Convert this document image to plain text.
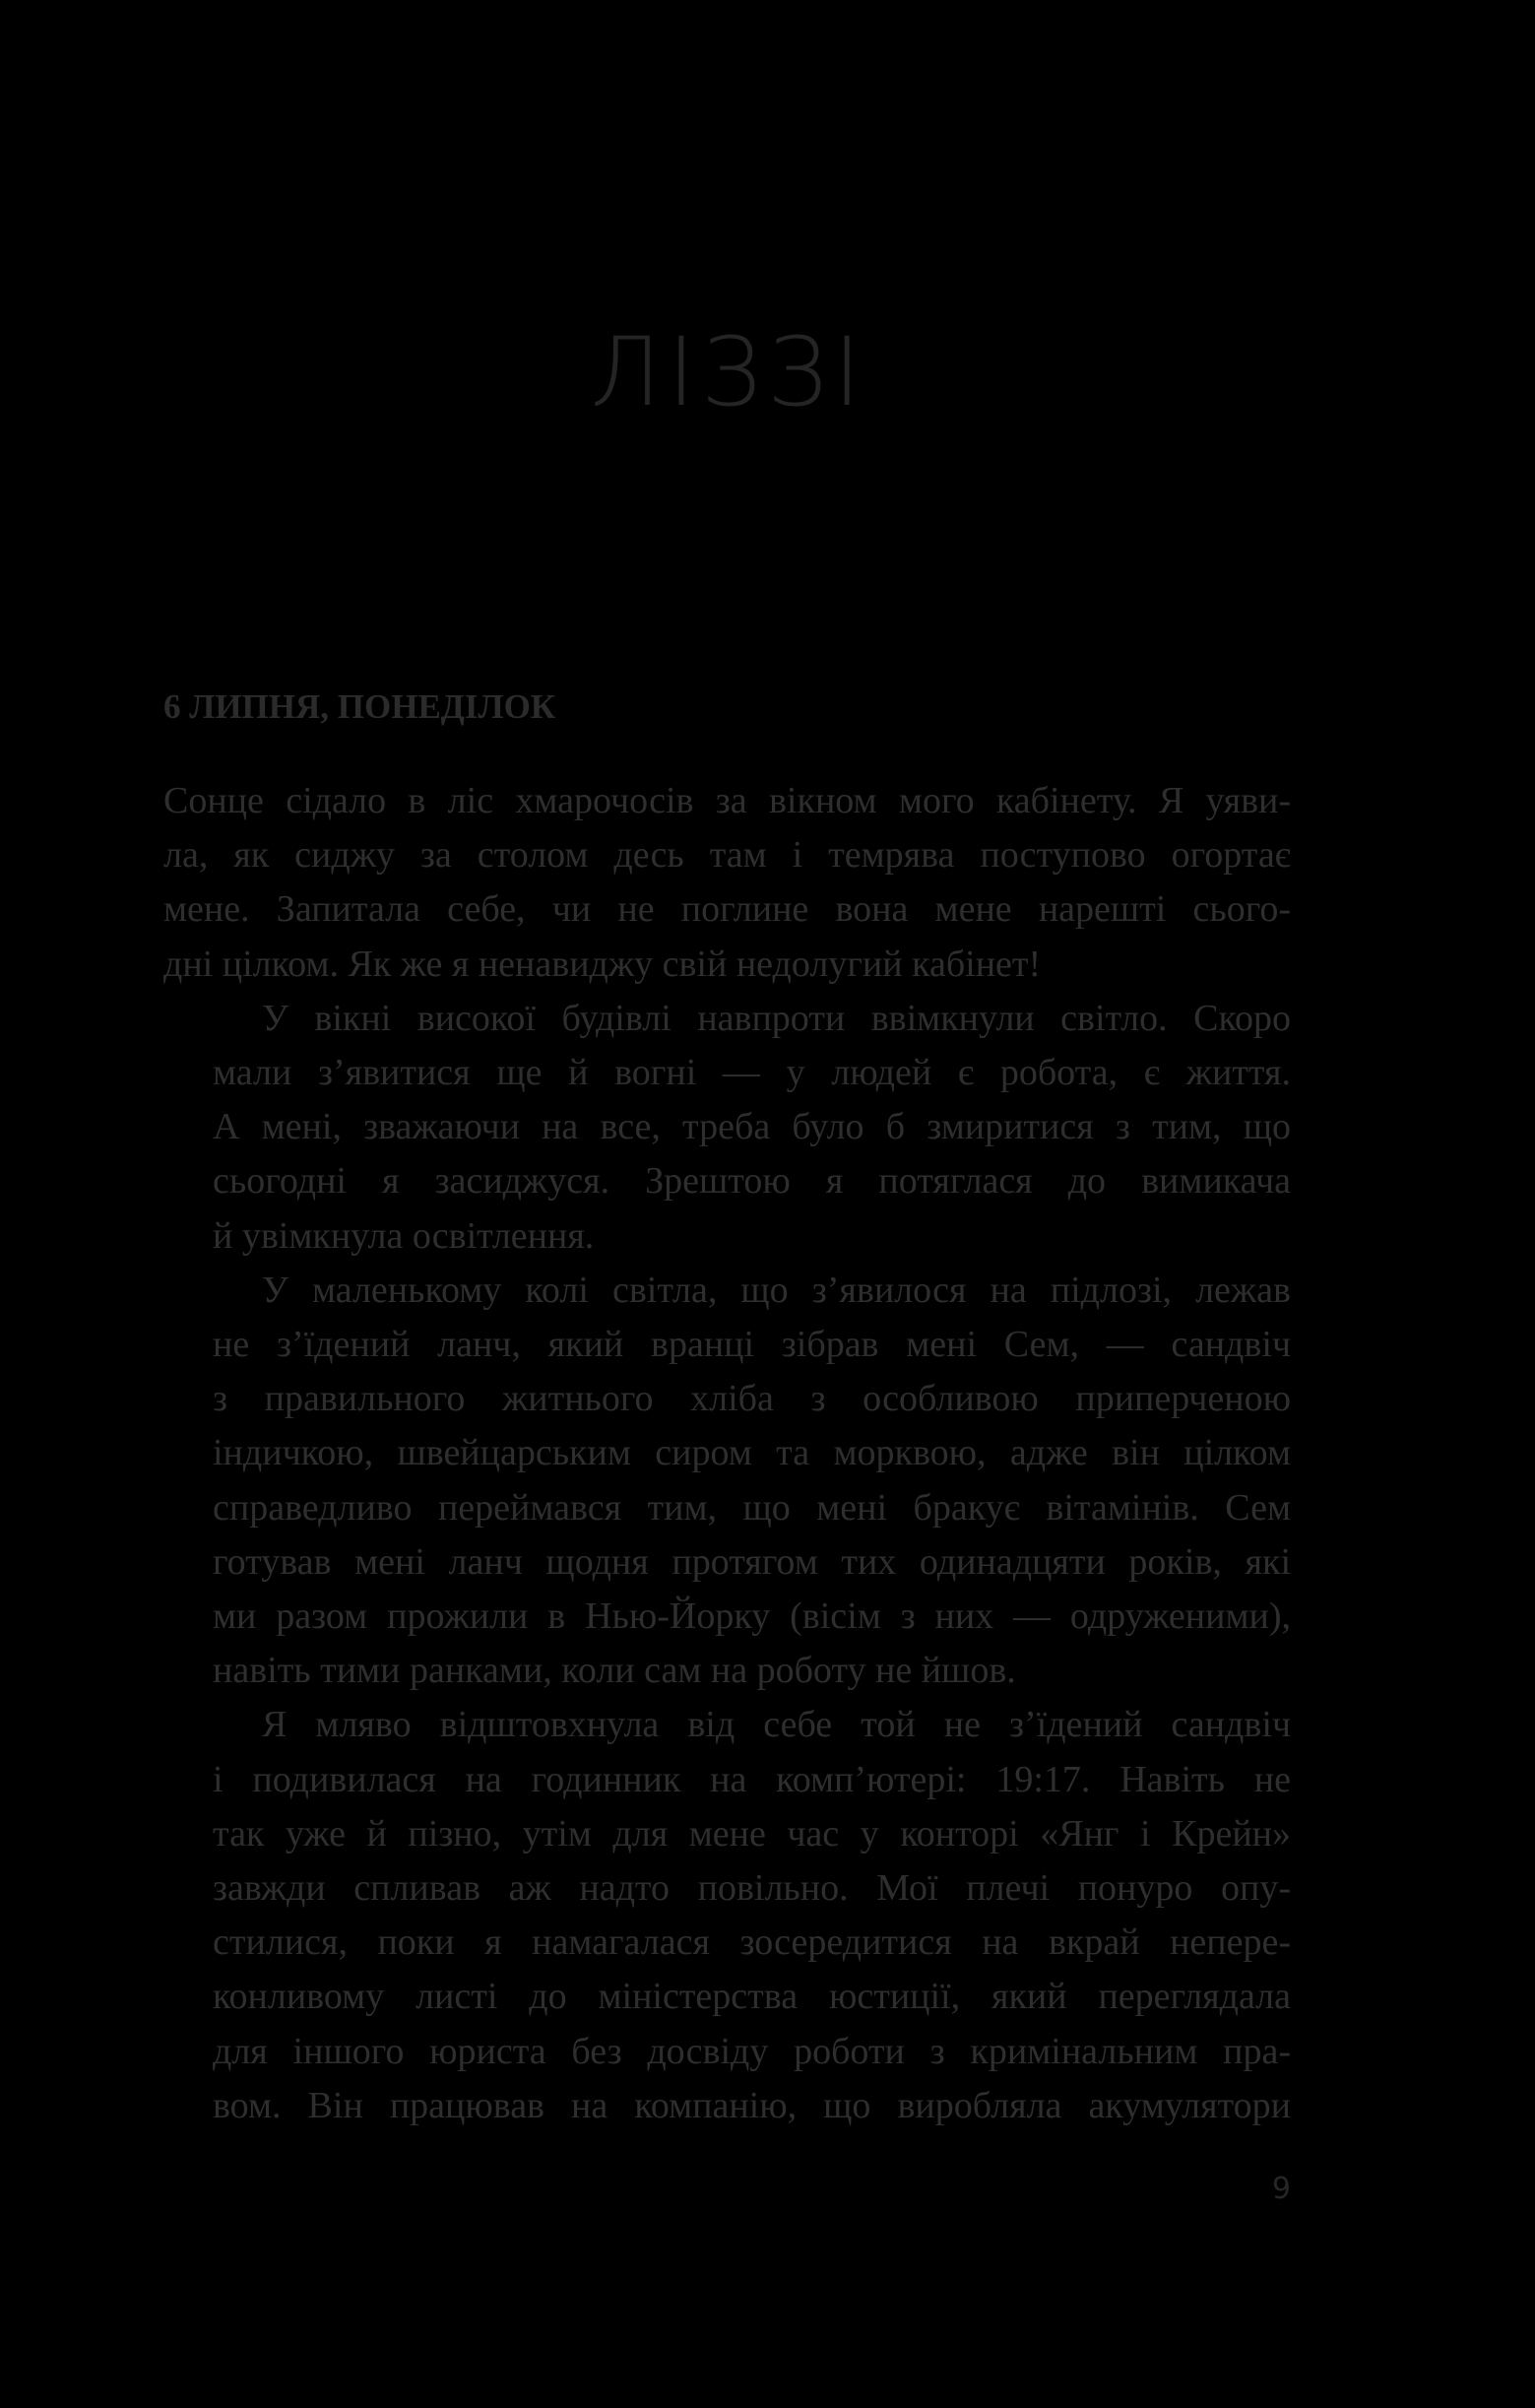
ЛІЗЗІ
6 ЛИПНЯ, ПОНЕДІЛОК
Сонце сідало в ліс хмарочосів за вікном мого кабінету. Я уяви-
ла, як сиджу за столом десь там і темрява поступово огортає
мене. Запитала себе, чи не поглине вона мене нарешті сього-
дні цілком. Як же я ненавиджу свій недолугий кабінет!
У вікні високої будівлі навпроти ввімкнули світло. Скоро
мали з’явитися ще й вогні — у людей є робота, є життя.
А мені, зважаючи на все, треба було б змиритися з тим, що
сьогодні я засиджуся. Зрештою я потяглася до вимикача
й увімкнула освітлення.
У маленькому колі світла, що з’явилося на підлозі, лежав
не з’їдений ланч, який вранці зібрав мені Сем, — сандвіч
з правильного житнього хліба з особливою приперченою
індичкою, швейцарським сиром та морквою, адже він цілком
справедливо переймався тим, що мені бракує вітамінів. Сем
готував мені ланч щодня протягом тих одинадцяти років, які
ми разом прожили в Нью-Йорку (вісім з них — одруженими),
навіть тими ранками, коли сам на роботу не йшов.
Я мляво відштовхнула від себе той не з’їдений сандвіч
і подивилася на годинник на комп’ютері: 19:17. Навіть не
так уже й пізно, утім для мене час у конторі «Янг і Крейн»
завжди спливав аж надто повільно. Мої плечі понуро опу-
стилися, поки я намагалася зосередитися на вкрай непере-
конливому листі до міністерства юстиції, який переглядала
для іншого юриста без досвіду роботи з кримінальним пра-
вом. Він працював на компанію, що виробляла акумулятори
9
